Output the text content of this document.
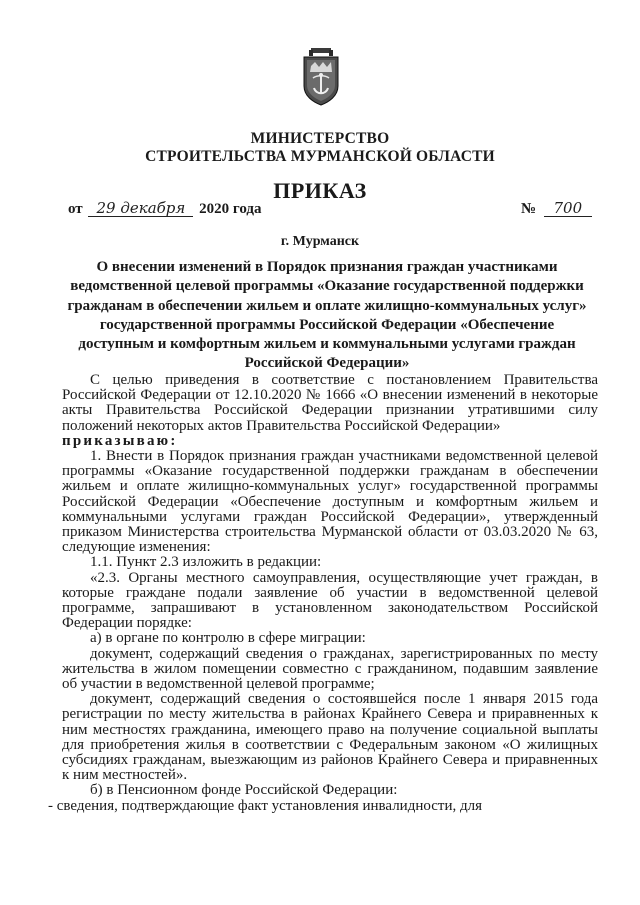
МИНИСТЕРСТВО
СТРОИТЕЛЬСТВА МУРМАНСКОЙ ОБЛАСТИ
ПРИКАЗ
от 29 декабря 2020 года	№ 700
г. Мурманск
О внесении изменений в Порядок признания граждан участниками
ведомственной целевой программы «Оказание государственной поддержки
гражданам в обеспечении жильем и оплате жилищно-коммунальных услуг»
государственной программы Российской Федерации «Обеспечение
доступным и комфортным жильем и коммунальными услугами граждан
Российской Федерации»

С целью приведения в соответствие с постановлением Правительства Российской Федерации от 12.10.2020 № 1666 «О внесении изменений в некоторые акты Правительства Российской Федерации признании утратившими силу положений некоторых актов Правительства Российской Федерации»

приказываю:

1. Внести в Порядок признания граждан участниками ведомственной целевой программы «Оказание государственной поддержки гражданам в обеспечении жильем и оплате жилищно-коммунальных услуг» государственной программы Российской Федерации «Обеспечение доступным и комфортным жильем и коммунальными услугами граждан Российской Федерации», утвержденный приказом Министерства строительства Мурманской области от 03.03.2020 № 63, следующие изменения:

1.1. Пункт 2.3 изложить в редакции:

«2.3. Органы местного самоуправления, осуществляющие учет граждан, в которые граждане подали заявление об участии в ведомственной целевой программе, запрашивают в установленном законодательством Российской Федерации порядке:

а) в органе по контролю в сфере миграции:

документ, содержащий сведения о гражданах, зарегистрированных по месту жительства в жилом помещении совместно с гражданином, подавшим заявление об участии в ведомственной целевой программе;

документ, содержащий сведения о состоявшейся после 1 января 2015 года регистрации по месту жительства в районах Крайнего Севера и приравненных к ним местностях гражданина, имеющего право на получение социальной выплаты для приобретения жилья в соответствии с Федеральным законом «О жилищных субсидиях гражданам, выезжающим из районов Крайнего Севера и приравненных к ним местностей».

б) в Пенсионном фонде Российской Федерации:

- сведения, подтверждающие факт установления инвалидности, для
